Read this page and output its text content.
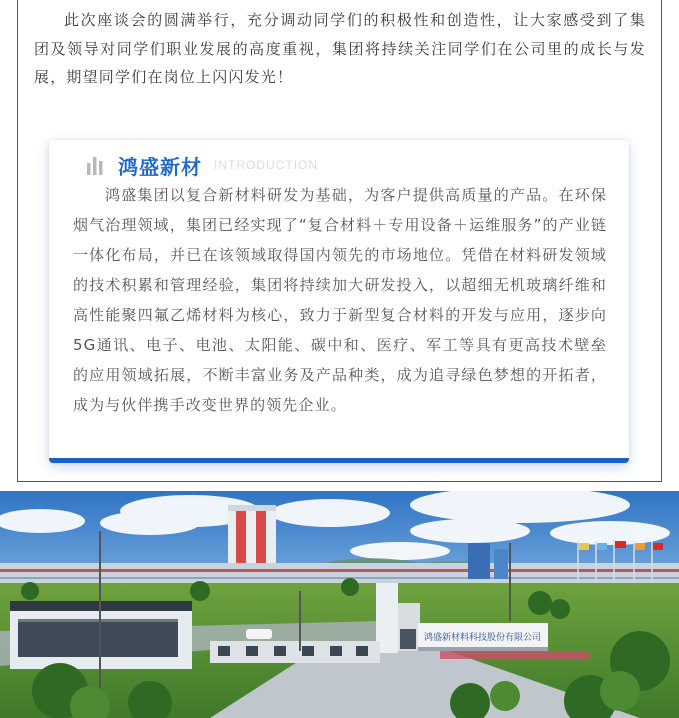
此次座谈会的圆满举行，充分调动同学们的积极性和创造性，让大家感受到了集团及领导对同学们职业发展的高度重视，集团将持续关注同学们在公司里的成长与发展，期望同学们在岗位上闪闪发光！

鸿盛新材 INTRODUCTION

鸿盛集团以复合新材料研发为基础，为客户提供高质量的产品。在环保烟气治理领域，集团已经实现了“复合材料＋专用设备＋运维服务”的产业链一体化布局，并已在该领域取得国内领先的市场地位。凭借在材料研发领域的技术积累和管理经验，集团将持续加大研发投入，以超细无机玻璃纤维和高性能聚四氟乙烯材料为核心，致力于新型复合材料的开发与应用，逐步向5G通讯、电子、电池、太阳能、碳中和、医疗、军工等具有更高技术壁垒的应用领域拓展，不断丰富业务及产品种类，成为追寻绿色梦想的开拓者，成为与伙伴携手改变世界的领先企业。

鸿盛新材料科技股份有限公司
